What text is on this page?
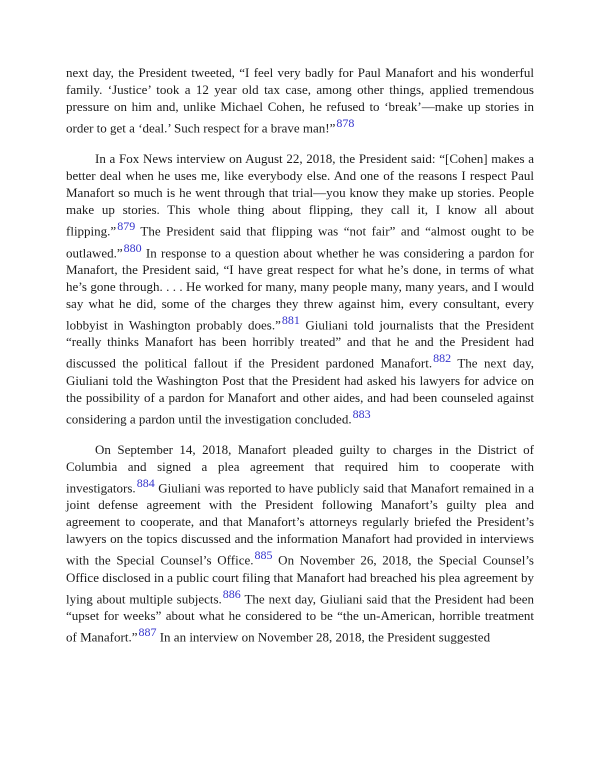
next day, the President tweeted, “I feel very badly for Paul Manafort and his wonderful family. ‘Justice’ took a 12 year old tax case, among other things, applied tremendous pressure on him and, unlike Michael Cohen, he refused to ‘break’—make up stories in order to get a ‘deal.’ Such respect for a brave man!”$^{878}$

In a Fox News interview on August 22, 2018, the President said: “[Cohen] makes a better deal when he uses me, like everybody else. And one of the reasons I respect Paul Manafort so much is he went through that trial—you know they make up stories. People make up stories. This whole thing about flipping, they call it, I know all about flipping.”$^{879}$ The President said that flipping was “not fair” and “almost ought to be outlawed.”$^{880}$ In response to a question about whether he was considering a pardon for Manafort, the President said, “I have great respect for what he’s done, in terms of what he’s gone through. . . . He worked for many, many people many, many years, and I would say what he did, some of the charges they threw against him, every consultant, every lobbyist in Washington probably does.”$^{881}$ Giuliani told journalists that the President “really thinks Manafort has been horribly treated” and that he and the President had discussed the political fallout if the President pardoned Manafort.$^{882}$ The next day, Giuliani told the Washington Post that the President had asked his lawyers for advice on the possibility of a pardon for Manafort and other aides, and had been counseled against considering a pardon until the investigation concluded.$^{883}$

On September 14, 2018, Manafort pleaded guilty to charges in the District of Columbia and signed a plea agreement that required him to cooperate with investigators.$^{884}$ Giuliani was reported to have publicly said that Manafort remained in a joint defense agreement with the President following Manafort’s guilty plea and agreement to cooperate, and that Manafort’s attorneys regularly briefed the President’s lawyers on the topics discussed and the information Manafort had provided in interviews with the Special Counsel’s Office.$^{885}$ On November 26, 2018, the Special Counsel’s Office disclosed in a public court filing that Manafort had breached his plea agreement by lying about multiple subjects.$^{886}$ The next day, Giuliani said that the President had been “upset for weeks” about what he considered to be “the un-American, horrible treatment of Manafort.”$^{887}$ In an interview on November 28, 2018, the President suggested
